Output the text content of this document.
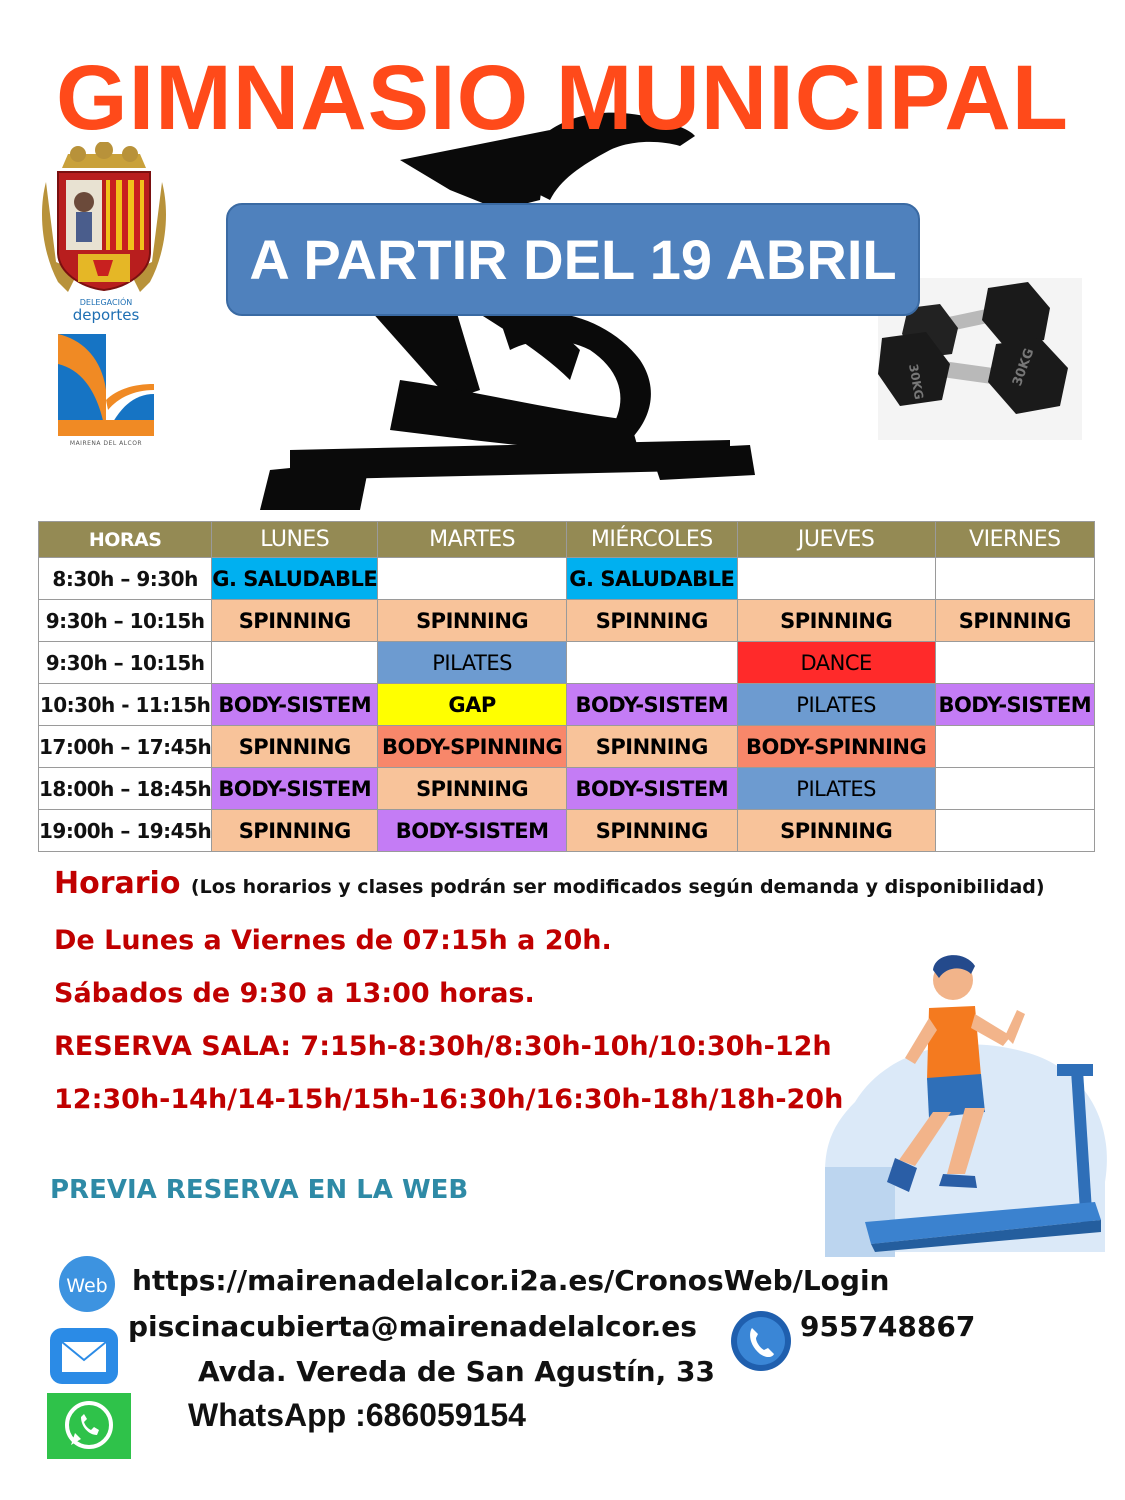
GIMNASIO MUNICIPAL
A PARTIR DEL 19 ABRIL
DELEGACIÓN
deportes
MAIRENA DEL ALCOR
30KG
30KG
HORAS	LUNES	MARTES	MIÉRCOLES	JUEVES	VIERNES
8:30h – 9:30h	G. SALUDABLE		G. SALUDABLE		
9:30h – 10:15h	SPINNING	SPINNING	SPINNING	SPINNING	SPINNING
9:30h – 10:15h		PILATES		DANCE	
10:30h - 11:15h	BODY-SISTEM	GAP	BODY-SISTEM	PILATES	BODY-SISTEM
17:00h – 17:45h	SPINNING	BODY-SPINNING	SPINNING	BODY-SPINNING	
18:00h – 18:45h	BODY-SISTEM	SPINNING	BODY-SISTEM	PILATES	
19:00h – 19:45h	SPINNING	BODY-SISTEM	SPINNING	SPINNING	
Horario (Los horarios y clases podrán ser modificados según demanda y disponibilidad)
De Lunes a Viernes de 07:15h a 20h.
Sábados de 9:30 a 13:00 horas.
RESERVA SALA: 7:15h-8:30h/8:30h-10h/10:30h-12h
12:30h-14h/14-15h/15h-16:30h/16:30h-18h/18h-20h
PREVIA RESERVA EN LA WEB
Web https://mairenadelalcor.i2a.es/CronosWeb/Login
piscinacubierta@mairenadelalcor.es	955748867
Avda. Vereda de San Agustín, 33
WhatsApp :686059154
